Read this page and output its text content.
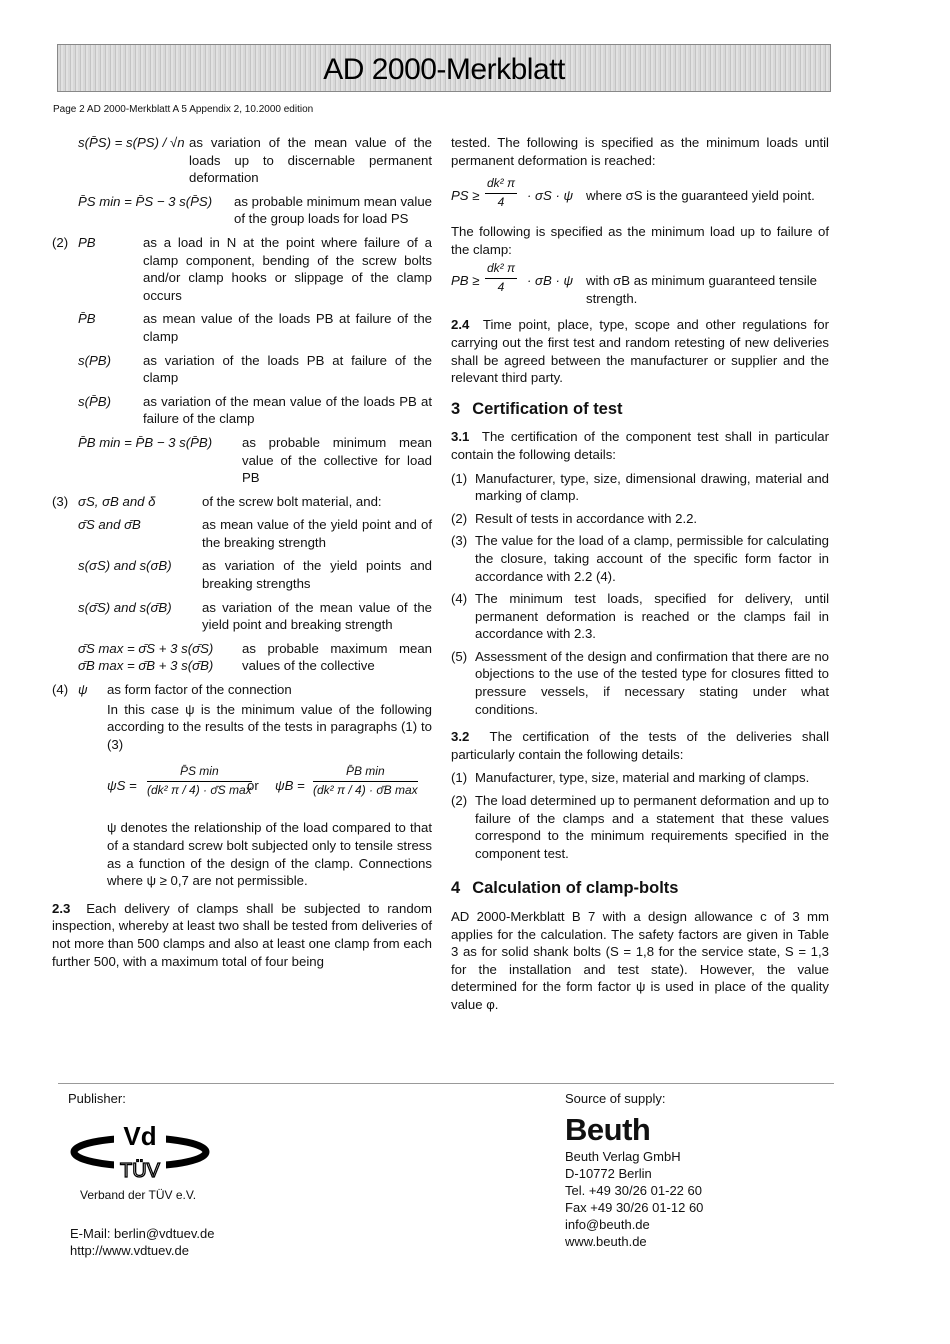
AD 2000-Merkblatt
Page 2 AD 2000-Merkblatt A 5 Appendix 2, 10.2000 edition
s(P̄S) = s(PS) / √n as variation of the mean value of the loads up to discernable permanent deformation
P̄S min = P̄S − 3 s(P̄S) as probable minimum mean value of the group loads for load PS
(2) PB	as a load in N at the point where failure of a clamp component, bending of the screw bolts and/or clamp hooks or slippage of the clamp occurs
P̄B	as mean value of the loads PB at failure of the clamp
s(PB) as variation of the loads PB at failure of the clamp
s(P̄B) as variation of the mean value of the loads PB at failure of the clamp
P̄B min = P̄B − 3 s(P̄B) as probable minimum mean value of the collective for load PB
(3) σS, σB and δ	of the screw bolt material, and:
σ̄S and σ̄B	as mean value of the yield point and of the breaking strength
s(σS) and s(σB) as variation of the yield points and breaking strengths
s(σ̄S) and s(σ̄B) as variation of the mean value of the yield point and breaking strength
σ̄S max = σ̄S + 3 s(σ̄S)
σ̄B max = σ̄B + 3 s(σ̄B)
as probable maximum mean values of the collective
(4) ψ as form factor of the connection
In this case ψ is the minimum value of the following according to the results of the tests in paragraphs (1) to (3)
ψS =
P̄S min
(dk² π / 4) · σ̄S max
or ψB =
P̄B min
(dk² π / 4) · σ̄B max
ψ denotes the relationship of the load compared to that of a standard screw bolt subjected only to tensile stress as a function of the design of the clamp. Connections where ψ ≥ 0,7 are not permissible.
2.3 Each delivery of clamps shall be subjected to random inspection, whereby at least two shall be tested from deliveries of not more than 500 clamps and also at least one clamp from each further 500, with a maximum total of four being
tested. The following is specified as the minimum loads until permanent deformation is reached:
PS ≥ $\frac{\text{dk² π}}{4} \cdot \sigma S \cdot \psi$ where σS is the guaranteed yield point.
The following is specified as the minimum load up to failure of the clamp:
PB ≥ $\frac{\text{dk² π}}{4} \cdot \sigma B \cdot \psi$ with σB as minimum guaranteed tensile strength.
2.4 Time point, place, type, scope and other regulations for carrying out the first test and random retesting of new deliveries shall be agreed between the manufacturer or supplier and the relevant third party.
3 Certification of test
3.1 The certification of the component test shall in particular contain the following details:
(1) Manufacturer, type, size, dimensional drawing, material and marking of clamp.
(2) Result of tests in accordance with 2.2.
(3) The value for the load of a clamp, permissible for calculating the closure, taking account of the specific form factor in accordance with 2.2 (4).
(4) The minimum test loads, specified for delivery, until permanent deformation is reached or the clamps fail in accordance with 2.3.
(5) Assessment of the design and confirmation that there are no objections to the use of the tested type for closures fitted to pressure vessels, if necessary stating under what conditions.
3.2 The certification of the tests of the deliveries shall particularly contain the following details:
(1) Manufacturer, type, size, material and marking of clamps.
(2) The load determined up to permanent deformation and up to failure of the clamps and a statement that these values correspond to the minimum requirements specified in the component test.
4 Calculation of clamp-bolts
AD 2000-Merkblatt B 7 with a design allowance c of 3 mm applies for the calculation. The safety factors are given in Table 3 as for solid shank bolts (S = 1,8 for the service state, S = 1,3 for the installation and test state). However, the value determined for the form factor ψ is used in place of the quality value φ.
Publisher:
Vd
TÜV
Verband der TÜV e.V.
E-Mail: berlin@vdtuev.de
http://www.vdtuev.de
Source of supply:
Beuth
Beuth Verlag GmbH
D-10772 Berlin
Tel. +49 30/26 01-22 60
Fax +49 30/26 01-12 60
info@beuth.de
www.beuth.de
